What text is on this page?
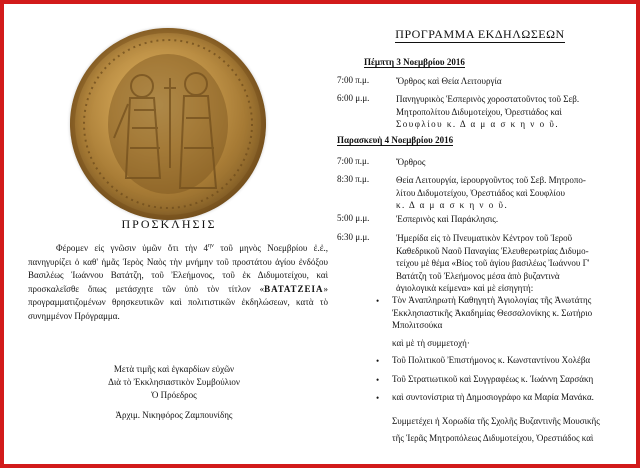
ΠΡΟΣΚΛΗΣΙΣ
Φέρομεν εἰς γνῶσιν ὑμῶν ὅτι τὴν $4^{\eta\nu}$ τοῦ μηνὸς Νοεμβρίου ἐ.ἐ., πανηγυρίζει ὁ καθ' ἡμᾶς Ἱερὸς Ναὸς τὴν μνήμην τοῦ προστάτου ἁγίου ἐνδόξου Βασιλέως Ἰωάννου Βατάτζη, τοῦ Ἐλεήμονος, τοῦ ἐκ Διδυμοτείχου, καὶ προσκαλεῖσθε ὅπως μετάσχητε τῶν ὑπὸ τὸν τίτλον «ΒΑΤΑΤΖΕΙΑ» προγραμματιζομένων θρησκευτικῶν καὶ πολιτιστικῶν ἐκδηλώσεων, κατὰ τὸ συνημμένον Πρόγραμμα.
Μετὰ τιμῆς καὶ ἐγκαρδίων εὐχῶν
Διὰ τὸ Ἐκκλησιαστικὸν Συμβούλιον
Ὁ Πρόεδρος
Ἀρχιμ. Νικηφόρος Ζαμπουνίδης
ΠΡΟΓΡΑΜΜΑ ΕΚΔΗΛΩΣΕΩΝ
Πέμπτη 3 Νοεμβρίου 2016
7:00 π.μ.	Ὄρθρος καὶ Θεία Λειτουργία
6:00 μ.μ.	Πανηγυρικὸς Ἑσπερινὸς χοροστατοῦντος τοῦ Σεβ.
Μητροπολίτου Διδυμοτείχου, Ὀρεστιάδος καὶ
Σουφλίου κ. Δ α μ α σ κ η ν ο ῦ.
Παρασκευὴ 4 Νοεμβρίου 2016
7:00 π.μ.	Ὄρθρος
8:30 π.μ.	Θεία Λειτουργία, ἱερουργοῦντος τοῦ Σεβ. Μητροπο-
λίτου Διδυμοτείχου, Ὀρεστιάδος καὶ Σουφλίου
κ. Δ α μ α σ κ η ν ο ῦ.
5:00 μ.μ.	Ἑσπερινὸς καὶ Παράκλησις.
6:30 μ.μ.	Ἡμερίδα εἰς τὸ Πνευματικὸν Κέντρον τοῦ Ἱεροῦ
Καθεδρικοῦ Ναοῦ Παναγίας Ἐλευθερωτρίας Διδυμο-
τείχου μὲ θέμα «Βίος τοῦ ἁγίου βασιλέως Ἰωάννου Γ'
Βατάτζη τοῦ Ἐλεήμονος μέσα ἀπὸ βυζαντινὰ
ἁγιολογικὰ κείμενα» καὶ μὲ εἰσηγητή:
• Τὸν Ἀναπληρωτὴ Καθηγητὴ Ἁγιολογίας τῆς Ἀνωτάτης
Ἐκκλησιαστικῆς Ἀκαδημίας Θεσσαλονίκης κ. Σωτήριο
Μπολιτσούκα
καὶ μὲ τὴ συμμετοχή·
• Τοῦ Πολιτικοῦ Ἐπιστήμονος κ. Κωνσταντίνου Χολέβα
• Τοῦ Στρατιωτικοῦ καὶ Συγγραφέως κ. Ἰωάννη Σαρσάκη
• καὶ συντονίστρια τὴ Δημοσιογράφο κα Μαρία Μανάκα.
Συμμετέχει ἡ Χορωδία τῆς Σχολῆς Βυζαντινῆς Μουσικῆς
τῆς Ἱερᾶς Μητροπόλεως Διδυμοτείχου, Ὀρεστιάδος καὶ
